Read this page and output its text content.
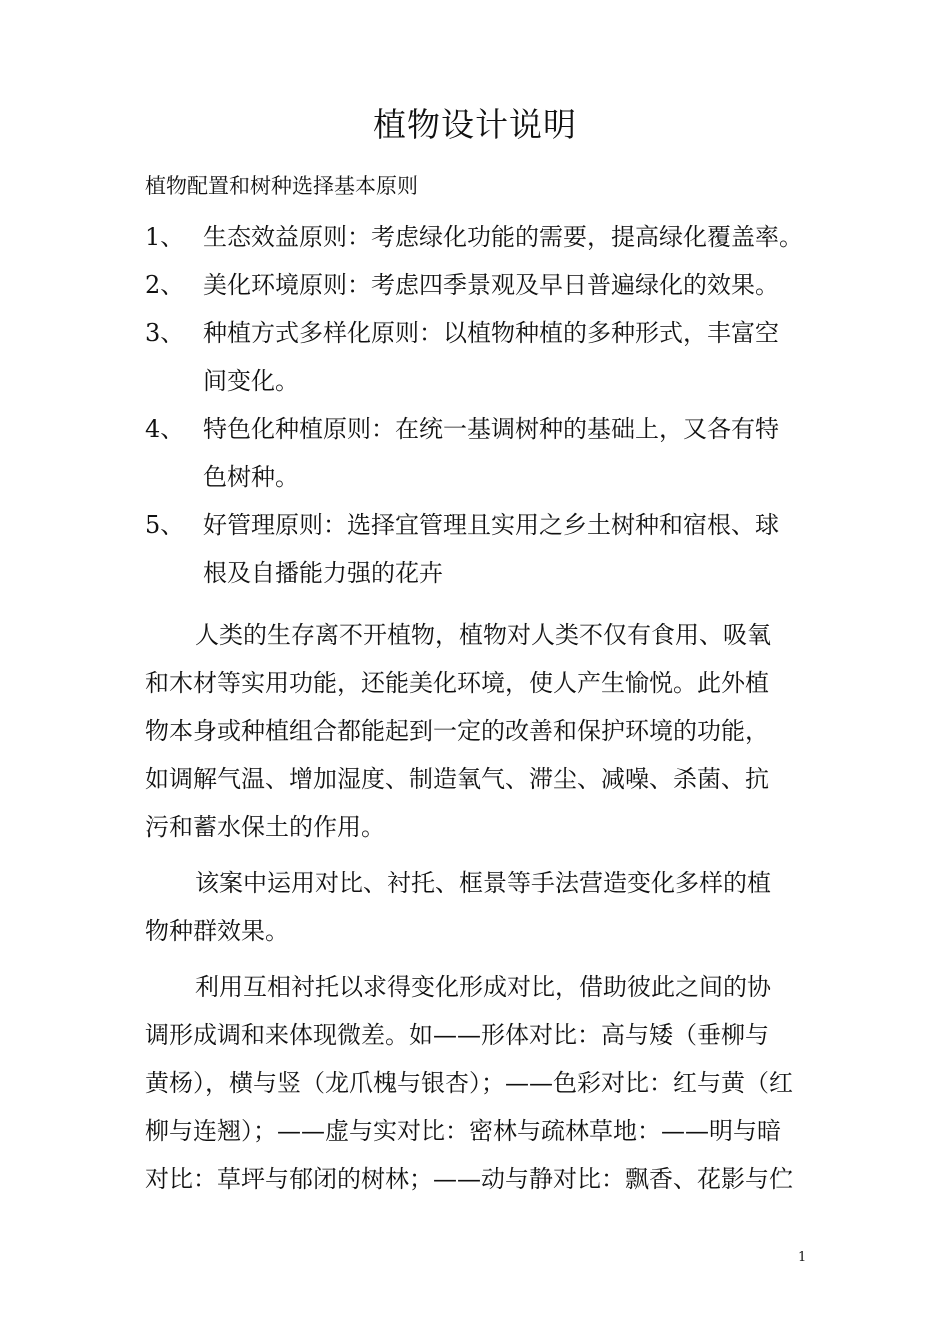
植物设计说明
植物配置和树种选择基本原则
1、 生态效益原则：考虑绿化功能的需要，提高绿化覆盖率。
2、 美化环境原则：考虑四季景观及早日普遍绿化的效果。
3、 种植方式多样化原则：以植物种植的多种形式，丰富空
间变化。
4、 特色化种植原则：在统一基调树种的基础上，又各有特
色树种。
5、 好管理原则：选择宜管理且实用之乡土树种和宿根、球
根及自播能力强的花卉

人类的生存离不开植物，植物对人类不仅有食用、吸氧
和木材等实用功能，还能美化环境，使人产生愉悦。此外植
物本身或种植组合都能起到一定的改善和保护环境的功能，
如调解气温、增加湿度、制造氧气、滞尘、减噪、杀菌、抗
污和蓄水保土的作用。

该案中运用对比、衬托、框景等手法营造变化多样的植
物种群效果。

利用互相衬托以求得变化形成对比，借助彼此之间的协
调形成调和来体现微差。如——形体对比：高与矮（垂柳与
黄杨），横与竖（龙爪槐与银杏）；——色彩对比：红与黄（红
柳与连翘）；——虚与实对比：密林与疏林草地：——明与暗
对比：草坪与郁闭的树林；——动与静对比：飘香、花影与伫

1
